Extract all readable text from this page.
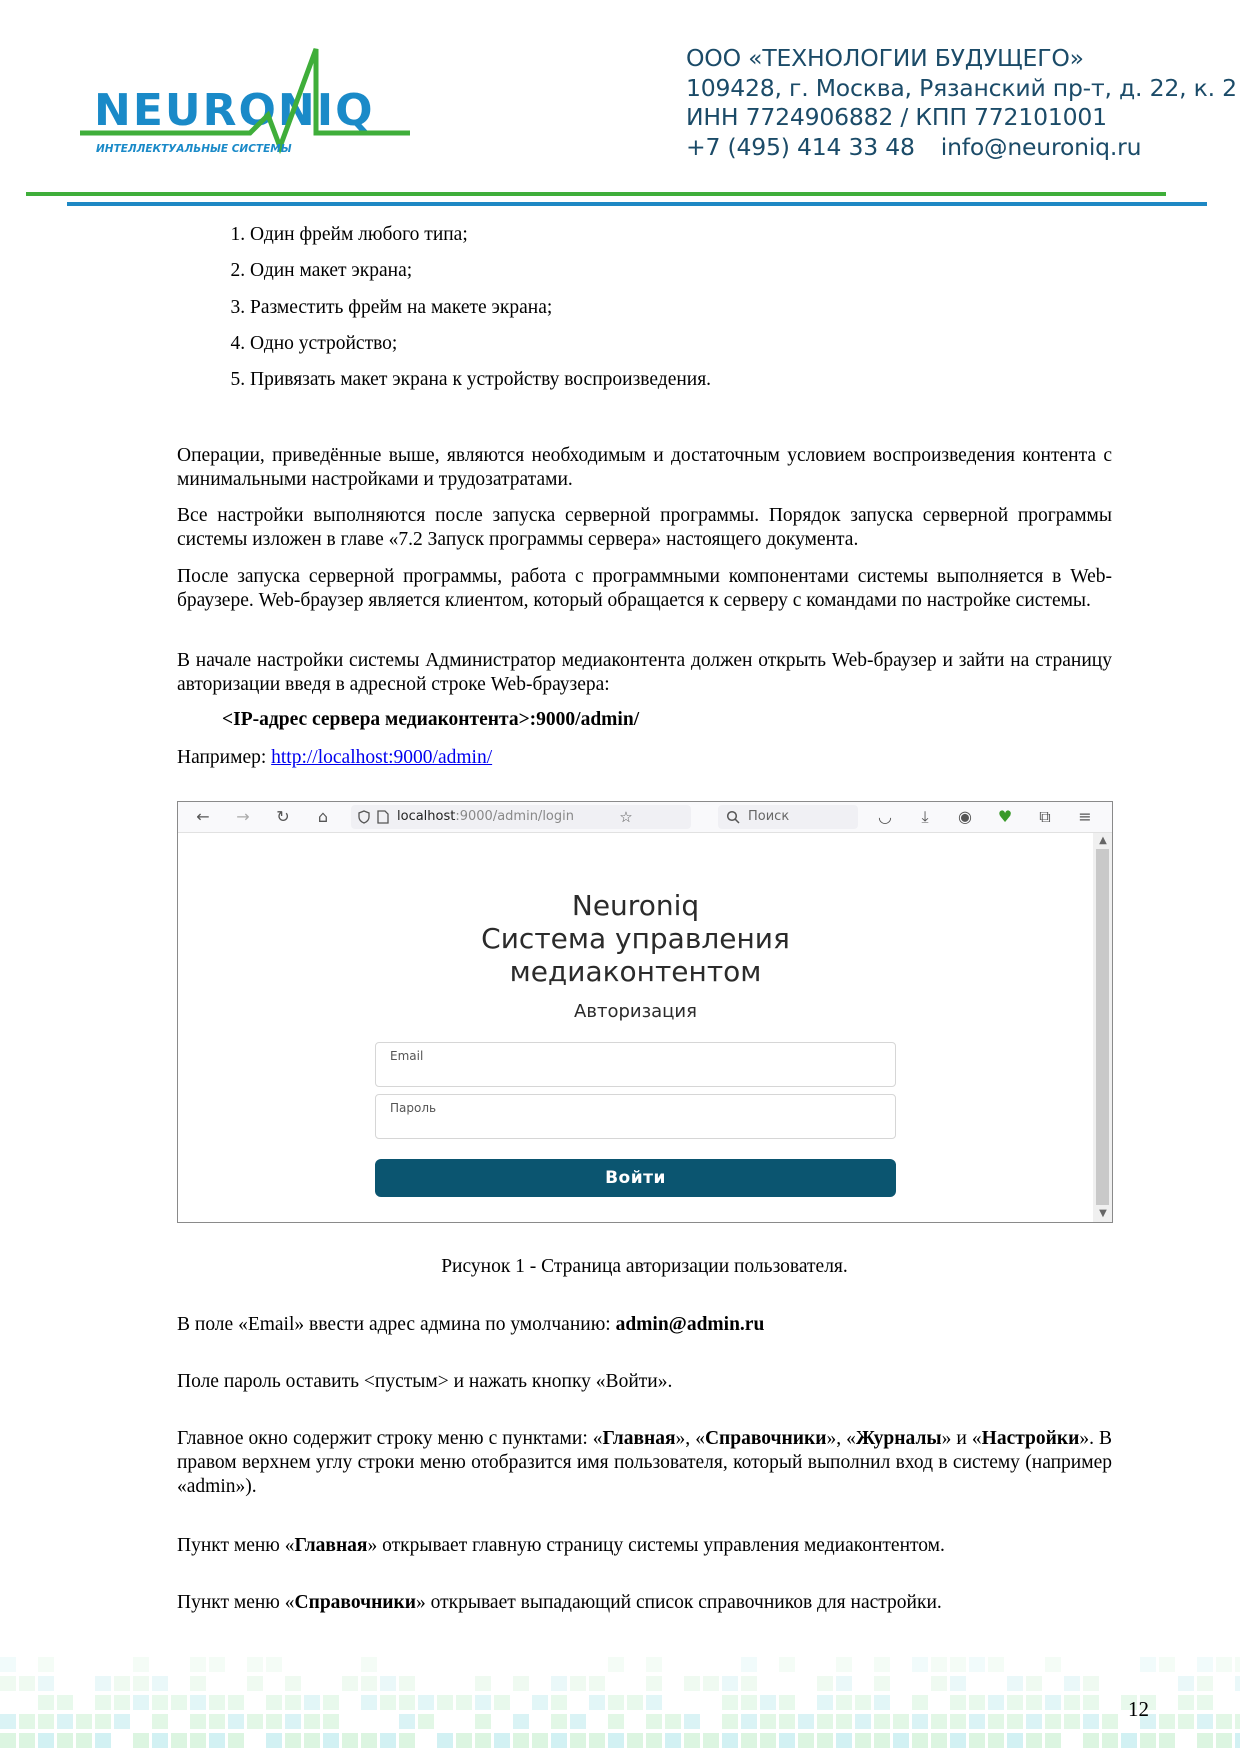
NEURONIQ
ИНТЕЛЛЕКТУАЛЬНЫЕ СИСТЕМЫ
ООО «ТЕХНОЛОГИИ БУДУЩЕГО»
109428, г. Москва, Рязанский пр-т, д. 22, к. 2
ИНН 7724906882 / КПП 772101001
+7 (495) 414 33 48 info@neuroniq.ru
1. Один фрейм любого типа;
2. Один макет экрана;
3. Разместить фрейм на макете экрана;
4. Одно устройство;
5. Привязать макет экрана к устройству воспроизведения.
Операции, приведённые выше, являются необходимым и достаточным условием воспроизведения контента с минимальными настройками и трудозатратами.
Все настройки выполняются после запуска серверной программы. Порядок запуска серверной программы системы изложен в главе «7.2 Запуск программы сервера» настоящего документа.
После запуска серверной программы, работа с программными компонентами системы выполняется в Web-браузере. Web-браузер является клиентом, который обращается к серверу с командами по настройке системы.
В начале настройки системы Администратор медиаконтента должен открыть Web-браузер и зайти на страницу авторизации введя в адресной строке Web-браузера:
<IP-адрес сервера медиаконтента>:9000/admin/
Например: http://localhost:9000/admin/
← → ↻	⌂	localhost:9000/admin/login	☆	Поиск	◡	⤓	◉ ♥	⧉	≡
Neuroniq
Система управления
медиаконтентом
Авторизация
Email
Пароль
Войти
▲
▼
Рисунок 1 - Страница авторизации пользователя.
В поле «Email» ввести адрес админа по умолчанию: admin@admin.ru
Поле пароль оставить <пустым> и нажать кнопку «Войти».
Главное окно содержит строку меню с пунктами: «Главная», «Справочники», «Журналы» и «Настройки». В правом верхнем углу строки меню отобразится имя пользователя, который выполнил вход в систему (например «admin»).
Пункт меню «Главная» открывает главную страницу системы управления медиаконтентом.
Пункт меню «Справочники» открывает выпадающий список справочников для настройки.
12
